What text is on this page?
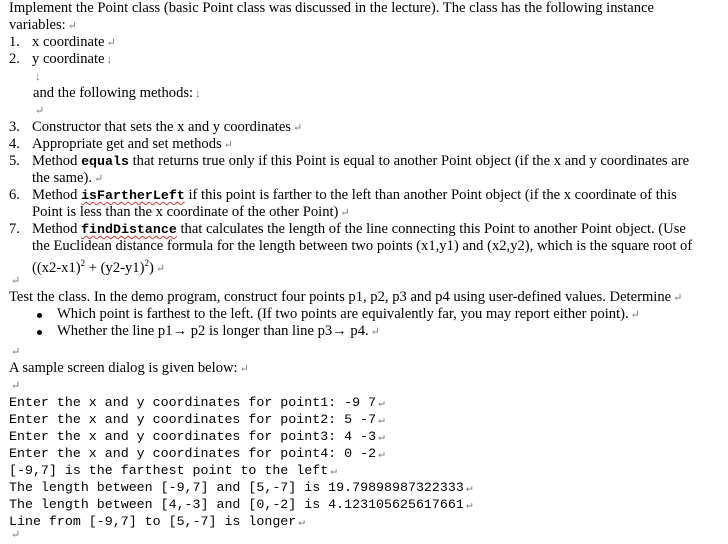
Implement the Point class (basic Point class was discussed in the lecture). The class has the following instance
variables: ↵
1. x coordinate ↵
2. y coordinate ↓
↓
and the following methods: ↓
↵
3. Constructor that sets the x and y coordinates ↵
4. Appropriate get and set methods ↵
5. Method equals that returns true only if this Point is equal to another Point object (if the x and y coordinates are
the same). ↵
6. Method isFartherLeft if this point is farther to the left than another Point object (if the x coordinate of this
Point is less than the x coordinate of the other Point) ↵
7. Method findDistance that calculates the length of the line connecting this Point to another Point object. (Use
the Euclidean distance formula for the length between two points (x1,y1) and (x2,y2), which is the square root of
$((x2-x1)^2 + (y2-y1)^2)$ ↵
↵
Test the class. In the demo program, construct four points p1, p2, p3 and p4 using user-defined values. Determine ↵
Which point is farthest to the left. (If two points are equivalently far, you may report either point). ↵
Whether the line p1→ p2 is longer than line p3→ p4. ↵
↵
A sample screen dialog is given below: ↵
↵
Enter the x and y coordinates for point1: -9 7 ↵
Enter the x and y coordinates for point2: 5 -7 ↵
Enter the x and y coordinates for point3: 4 -3 ↵
Enter the x and y coordinates for point4: 0 -2 ↵
[-9,7] is the farthest point to the left ↵
The length between [-9,7] and [5,-7] is 19.79898987322333 ↵
The length between [4,-3] and [0,-2] is 4.123105625617661 ↵
Line from [-9,7] to [5,-7] is longer ↵
↵
